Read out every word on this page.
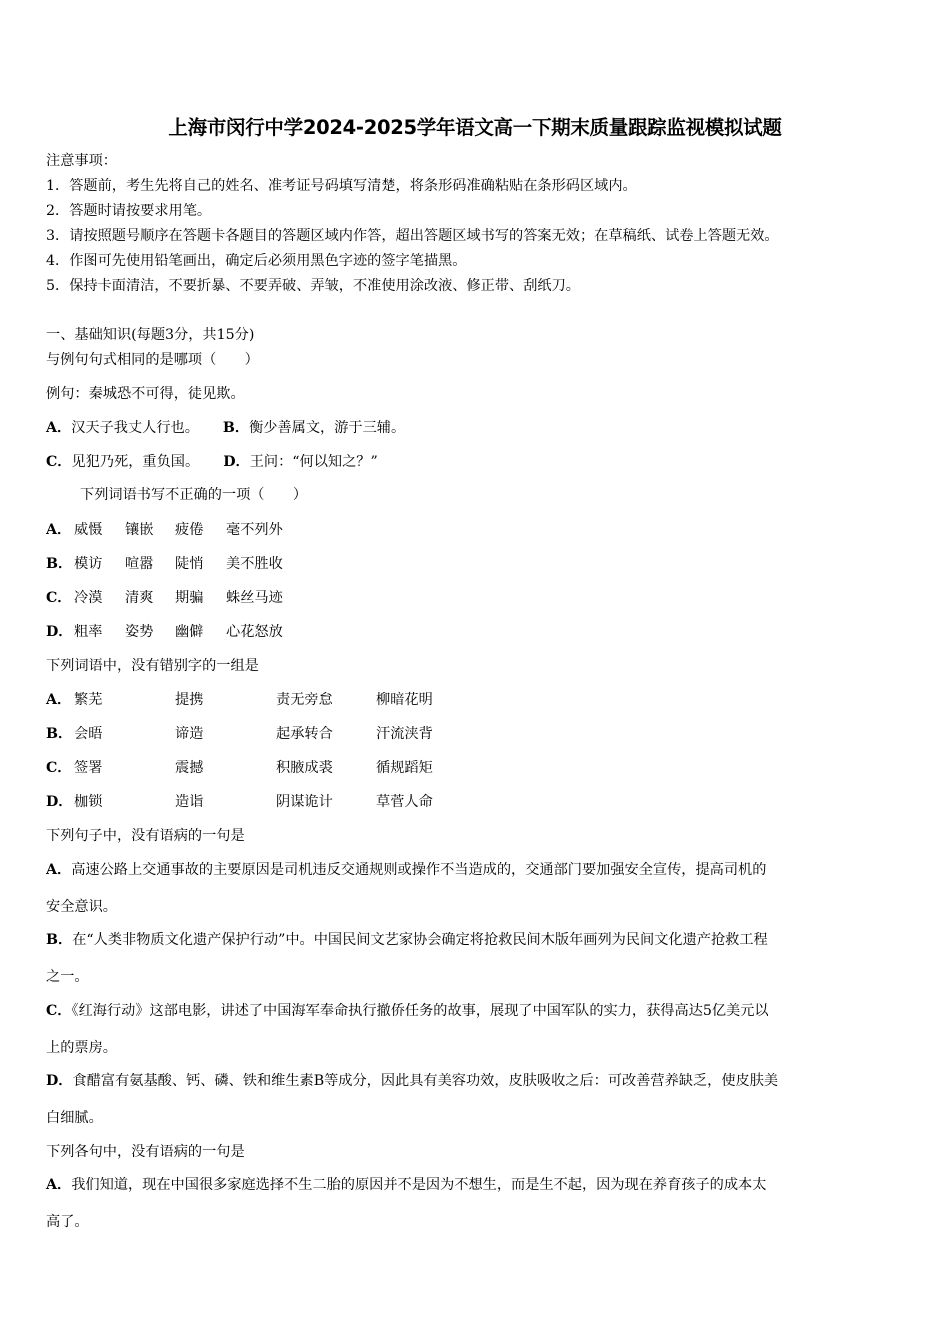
上海市闵行中学2024-2025学年语文高一下期末质量跟踪监视模拟试题
注意事项：
1．答题前，考生先将自己的姓名、准考证号码填写清楚，将条形码准确粘贴在条形码区域内。
2．答题时请按要求用笔。
3．请按照题号顺序在答题卡各题目的答题区域内作答，超出答题区域书写的答案无效；在草稿纸、试卷上答题无效。
4．作图可先使用铅笔画出，确定后必须用黑色字迹的签字笔描黑。
5．保持卡面清洁，不要折暴、不要弄破、弄皱，不准使用涂改液、修正带、刮纸刀。
一、基础知识(每题3分，共15分)
与例句句式相同的是哪项（　　）
例句：秦城恐不可得，徒见欺。
A．汉天子我丈人行也。 B．衡少善属文，游于三辅。
C．见犯乃死，重负国。 D．王问：“何以知之？”
下列词语书写不正确的一项（　　）
A． 威慑 镶嵌 疲倦 毫不列外
B． 模访 喧嚣 陡悄 美不胜收
C． 冷漠 清爽 期骗 蛛丝马迹
D． 粗率 姿势 幽僻 心花怒放
下列词语中，没有错别字的一组是
A． 繁芜	提携	责无旁怠	柳暗花明
B． 会晤	谛造	起承转合	汗流浃背
C． 签署	震撼	积腋成裘	循规蹈矩
D． 枷锁	造诣	阴谋诡计	草菅人命
下列句子中，没有语病的一句是
A．高速公路上交通事故的主要原因是司机违反交通规则或操作不当造成的，交通部门要加强安全宣传，提高司机的
安全意识。
B．在“人类非物质文化遗产保护行动”中。中国民间文艺家协会确定将抢救民间木版年画列为民间文化遗产抢救工程
之一。
C．《红海行动》这部电影，讲述了中国海军奉命执行撤侨任务的故事，展现了中国军队的实力，获得高达5亿美元以
上的票房。
D．食醋富有氨基酸、钙、磷、铁和维生素B等成分，因此具有美容功效，皮肤吸收之后：可改善营养缺乏，使皮肤美
白细腻。
下列各句中，没有语病的一句是
A．我们知道，现在中国很多家庭选择不生二胎的原因并不是因为不想生，而是生不起，因为现在养育孩子的成本太
高了。
